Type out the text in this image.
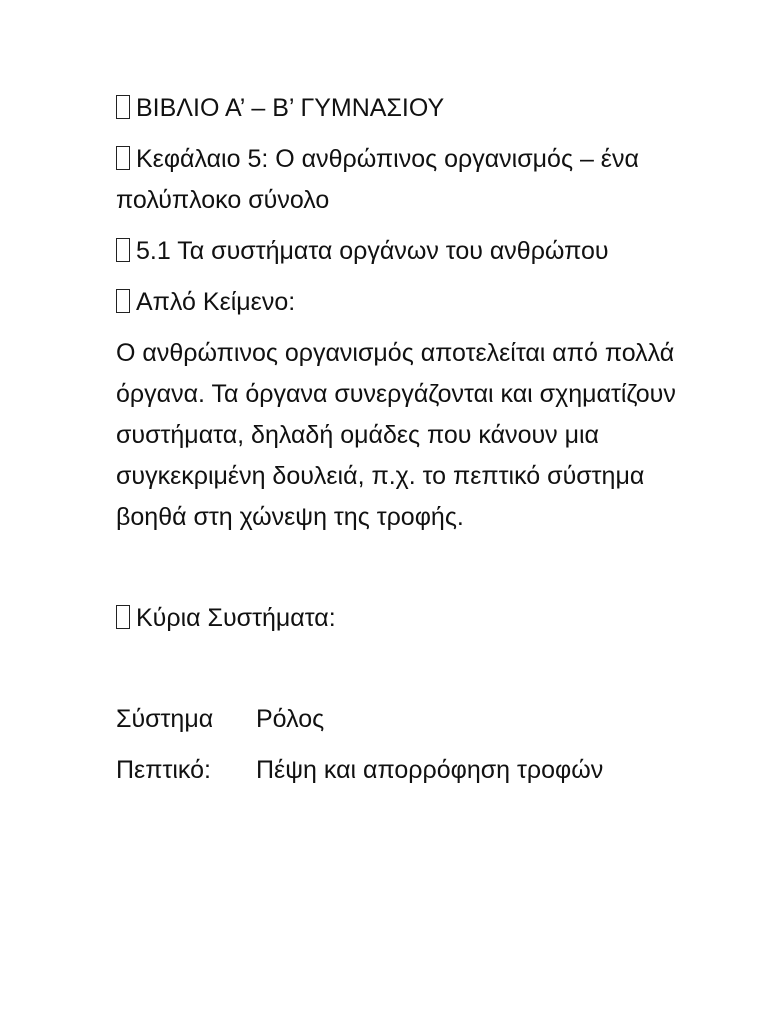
ΒΙΒΛΙΟ Α’ – Β’ ΓΥΜΝΑΣΙΟΥ
Κεφάλαιο 5: Ο ανθρώπινος οργανισμός – ένα πολύπλοκο σύνολο
5.1 Τα συστήματα οργάνων του ανθρώπου
Απλό Κείμενο:

Ο ανθρώπινος οργανισμός αποτελείται από πολλά όργανα. Τα όργανα συνεργάζονται και σχηματίζουν συστήματα, δηλαδή ομάδες που κάνουν μια συγκεκριμένη δουλειά, π.χ. το πεπτικό σύστημα βοηθά στη χώνεψη της τροφής.

Κύρια Συστήματα:
Σύστημα	Ρόλος
Πεπτικό:	Πέψη και απορρόφηση τροφών
